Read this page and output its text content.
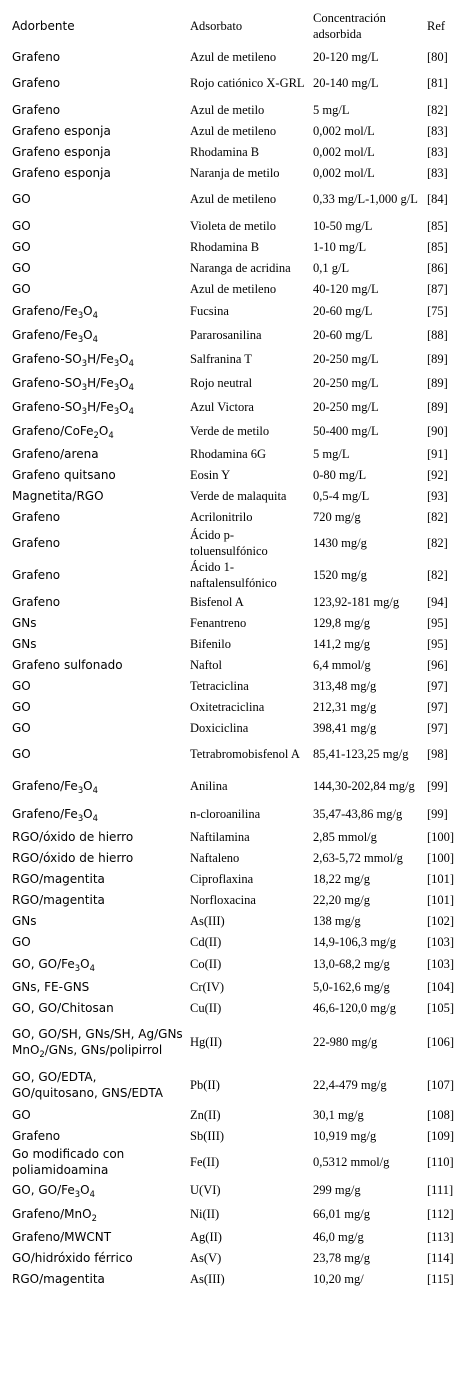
Adorbente	Adsorbato	Concentración adsorbida	Ref
Grafeno	Azul de metileno	20-120 mg/L	[80]
Grafeno	Rojo catiónico X-GRL	20-140 mg/L	[81]
Grafeno	Azul de metilo	5 mg/L	[82]
Grafeno esponja	Azul de metileno	0,002 mol/L	[83]
Grafeno esponja	Rhodamina B	0,002 mol/L	[83]
Grafeno esponja	Naranja de metilo	0,002 mol/L	[83]
GO	Azul de metileno	0,33 mg/L-1,000 g/L	[84]
GO	Violeta de metilo	10-50 mg/L	[85]
GO	Rhodamina B	1-10 mg/L	[85]
GO	Naranga de acridina	0,1 g/L	[86]
GO	Azul de metileno	40-120 mg/L	[87]
Grafeno/$Fe_3O_4$	Fucsina	20-60 mg/L	[75]
Grafeno/$Fe_3O_4$	Pararosanilina	20-60 mg/L	[88]
Grafeno-$SO_3H/Fe_3O_4$	Salfranina T	20-250 mg/L	[89]
Grafeno-$SO_3H/Fe_3O_4$	Rojo neutral	20-250 mg/L	[89]
Grafeno-$SO_3H/Fe_3O_4$	Azul Victora	20-250 mg/L	[89]
Grafeno/$CoFe_2O_4$	Verde de metilo	50-400 mg/L	[90]
Grafeno/arena	Rhodamina 6G	5 mg/L	[91]
Grafeno quitsano	Eosin Y	0-80 mg/L	[92]
Magnetita/RGO	Verde de malaquita	0,5-4 mg/L	[93]
Grafeno	Acrilonitrilo	720 mg/g	[82]
Grafeno	Ácido p-toluensulfónico	1430 mg/g	[82]
Grafeno	Ácido 1-naftalensulfónico	1520 mg/g	[82]
Grafeno	Bisfenol A	123,92-181 mg/g	[94]
GNs	Fenantreno	129,8 mg/g	[95]
GNs	Bifenilo	141,2 mg/g	[95]
Grafeno sulfonado	Naftol	6,4 mmol/g	[96]
GO	Tetraciclina	313,48 mg/g	[97]
GO	Oxitetraciclina	212,31 mg/g	[97]
GO	Doxiciclina	398,41 mg/g	[97]
GO	Tetrabromobisfenol A	85,41-123,25 mg/g	[98]
Grafeno/$Fe_3O_4$	Anilina	144,30-202,84 mg/g	[99]
Grafeno/$Fe_3O_4$	n-cloroanilina	35,47-43,86 mg/g	[99]
RGO/óxido de hierro	Naftilamina	2,85 mmol/g	[100]
RGO/óxido de hierro	Naftaleno	2,63-5,72 mmol/g	[100]
RGO/magentita	Ciproflaxina	18,22 mg/g	[101]
RGO/magentita	Norfloxacina	22,20 mg/g	[101]
GNs	As(III)	138 mg/g	[102]
GO	Cd(II)	14,9-106,3 mg/g	[103]
GO, $GO/Fe_3O_4$	Co(II)	13,0-68,2 mg/g	[103]
GNs, FE-GNS	Cr(IV)	5,0-162,6 mg/g	[104]
GO, GO/Chitosan	Cu(II)	46,6-120,0 mg/g	[105]
GO, GO/SH, GNs/SH, Ag/GNs MnO$_2$/GNs, GNs/polipirrol	Hg(II)	22-980 mg/g	[106]
GO, GO/EDTA, GO/quitosano, GNS/EDTA	Pb(II)	22,4-479 mg/g	[107]
GO	Zn(II)	30,1 mg/g	[108]
Grafeno	Sb(III)	10,919 mg/g	[109]
Go modificado con poliamidoamina	Fe(II)	0,5312 mmol/g	[110]
GO, $GO/Fe_3O_4$	U(VI)	299 mg/g	[111]
Grafeno/MnO$_2$	Ni(II)	66,01 mg/g	[112]
Grafeno/MWCNT	Ag(II)	46,0 mg/g	[113]
GO/hidróxido férrico	As(V)	23,78 mg/g	[114]
RGO/magentita	As(III)	10,20 mg/	[115]
